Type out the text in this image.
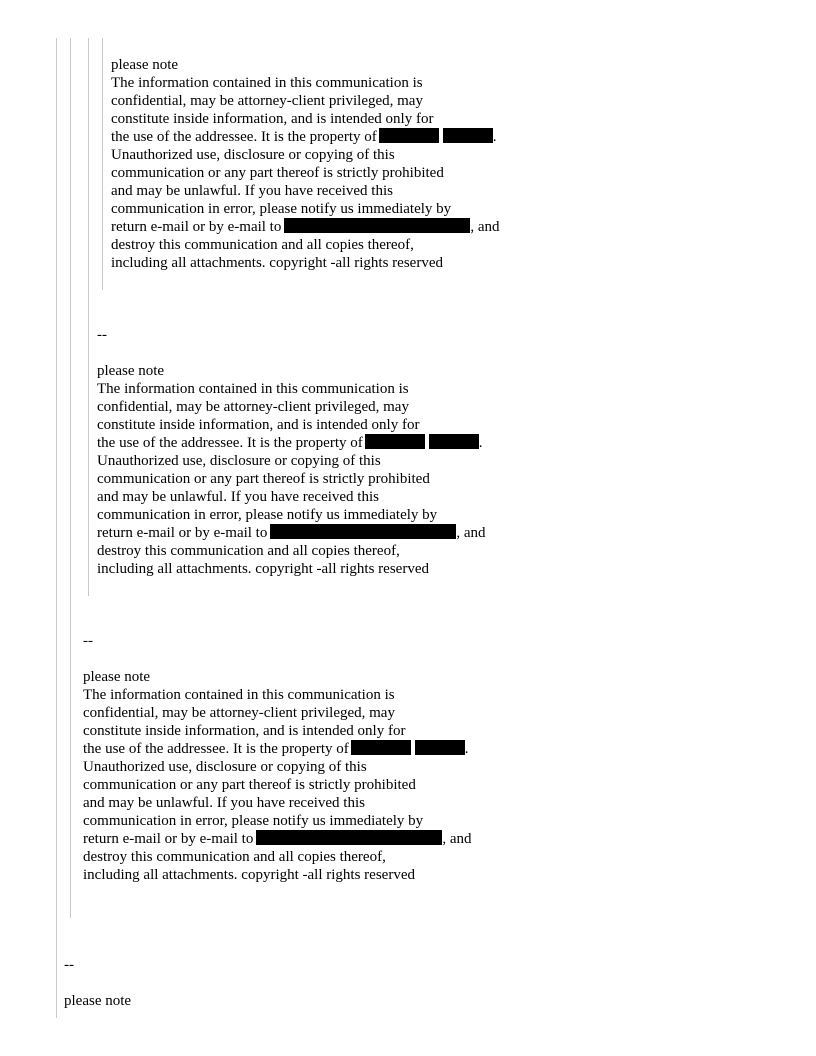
please note
The information contained in this communication is
confidential, may be attorney-client privileged, may
constitute inside information, and is intended only for
the use of the addressee. It is the property of	.
Unauthorized use, disclosure or copying of this
communication or any part thereof is strictly prohibited
and may be unlawful. If you have received this
communication in error, please notify us immediately by
return e-mail or by e-mail to	, and
destroy this communication and all copies thereof,
including all attachments. copyright -all rights reserved
--
please note
The information contained in this communication is
confidential, may be attorney-client privileged, may
constitute inside information, and is intended only for
the use of the addressee. It is the property of	.
Unauthorized use, disclosure or copying of this
communication or any part thereof is strictly prohibited
and may be unlawful. If you have received this
communication in error, please notify us immediately by
return e-mail or by e-mail to	, and
destroy this communication and all copies thereof,
including all attachments. copyright -all rights reserved
--
please note
The information contained in this communication is
confidential, may be attorney-client privileged, may
constitute inside information, and is intended only for
the use of the addressee. It is the property of	.
Unauthorized use, disclosure or copying of this
communication or any part thereof is strictly prohibited
and may be unlawful. If you have received this
communication in error, please notify us immediately by
return e-mail or by e-mail to	, and
destroy this communication and all copies thereof,
including all attachments. copyright -all rights reserved
--
please note
